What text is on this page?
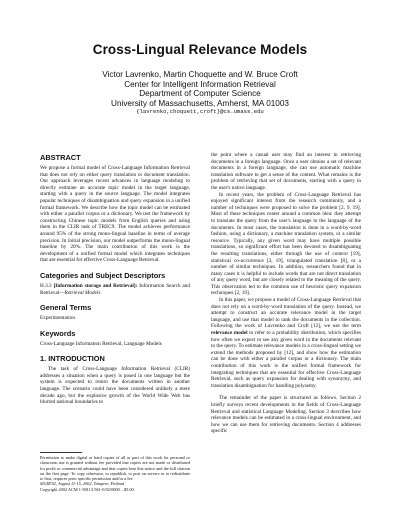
Cross-Lingual Relevance Models
Victor Lavrenko, Martin Choquette and W. Bruce Croft
Center for Intelligent Information Retrieval
Department of Computer Science
University of Massachusetts, Amherst, MA 01003
{lavrenko,choquett,croft}@cs.umass.edu
ABSTRACT

We propose a formal model of Cross-Language Information Retrieval that does not rely on either query translation or document translation. Our approach leverages recent advances in language modeling to directly estimate an accurate topic model in the target language, starting with a query in the source language. The model integrates popular techniques of disambiguation and query expansion in a unified formal framework. We describe how the topic model can be estimated with either a parallel corpus or a dictionary. We test the framework by constructing Chinese topic models from English queries and using them in the CLIR task of TREC9. The model achieves performance around 95% of the strong mono-lingual baseline in terms of average precision. In initial precision, our model outperforms the mono-lingual baseline by 20%. The main contribution of this work is the development of a unified formal model which integrates techniques that are essential for effective Cross-Language Retrieval.

Categories and Subject Descriptors

H.3.3 [Information storage and Retrieval]: Information Search and Retrieval—Retrieval Models

General Terms

Experimentation

Keywords

Cross-Language Information Retrieval, Language Models

1. INTRODUCTION

The task of Cross-Language Information Retrieval (CLIR) addresses a situation when a query is posed in one language but the system is expected to return the documents written in another language. The scenario could have been considered unlikely a mere decade ago, but the explosive growth of the World Wide Web has blurred national boundaries to

Permission to make digital or hard copies of all or part of this work for personal or classroom use is granted without fee provided that copies are not made or distributed for profit or commercial advantage and that copies bear this notice and the full citation on the first page. To copy otherwise, to republish, to post on servers or to redistribute to lists, requires prior specific permission and/or a fee.
SIGIR'02, August 11-15, 2002, Tampere, Finland
Copyright 2002 ACM 1-58113-561-0/02/0008 ...$5.00.

the point where a casual user may find an interest in retrieving documents in a foreign language. Once a user obtains a set of relevant documents in a foreign language, she can use automatic machine translation software to get a sense of the content. What remains is the problem of retrieving that set of documents, starting with a query in the user's native language.

In recent years, the problem of Cross-Language Retrieval has enjoyed significant interest from the research community, and a number of techniques were proposed to solve the problem [2, 9, 19]. Most of these techniques center around a common idea: they attempt to translate the query from the user's language to the language of the documents. In most cases, the translation is done in a word-by-word fashion, using a dictionary, a machine translation system, or a similar resource. Typically, any given word may have multiple possible translations, so significant effort has been devoted to disambiguating the resulting translations, either through the use of context [19], statistical co-occurrence [3, 19], triangulated translation [8], or a number of similar techniques. In addition, researchers found that in many cases it is helpful to include words that are not direct translation of any query word, but are closely related to the meaning of the query. This observation led to the common use of heuristic query expansion techniques [2, 19].

In this paper, we propose a model of Cross-Language Retrieval that does not rely on a word-by-word translation of the query. Instead, we attempt to construct an accurate relevance model in the target language, and use that model to rank the documents in the collection. Following the work of Lavrenko and Croft [12], we use the term relevance model to refer to a probability distribution, which specifies how often we expect to see any given word in the documents relevant to the query. To estimate relevance models in a cross-lingual setting we extend the methods proposed by [12], and show how the estimation can be done with either a parallel corpus or a dictionary. The main contribution of this work is the unified formal framework for integrating techniques that are essential for effective Cross-Language Retrieval, such as query expansion for dealing with synonymy, and translation disambiguation for handling polysemy.

The remainder of the paper is structured as follows. Section 2 briefly surveys recent developments in the fields of Cross-Language Retrieval and statistical Language Modeling. Section 3 describes how relevance models can be estimated in a cross-lingual environment, and how we can use them for retrieving documents. Section 4 addresses specific
